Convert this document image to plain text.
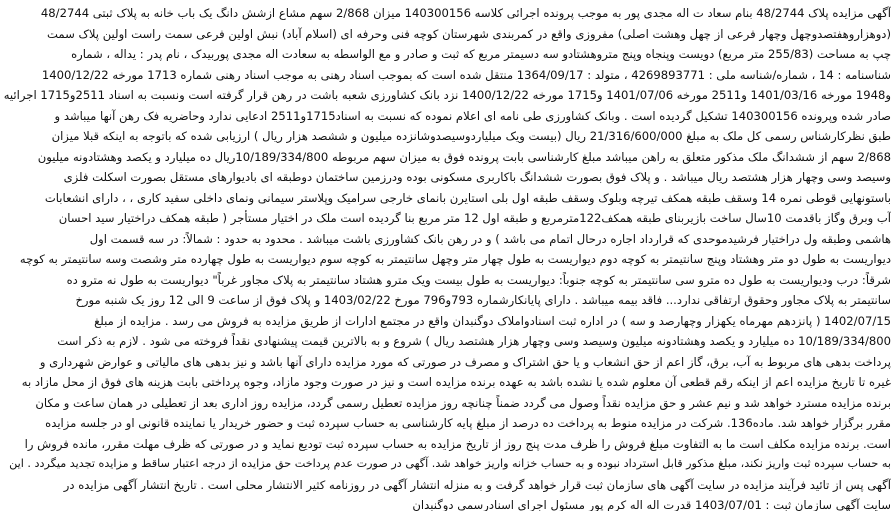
آگهی مزایده پلاک 48/2744 بنام سعاد ت اله مجدی پور به موجب پرونده اجرائی کلاسه 140300156 میزان 2/868 سهم مشاع ازشش دانگ یک باب خانه به پلاک ثبتی 48/2744
(دوهزاروهفتصدوچهل وچهار فرعی از چهل وهشت اصلی) مفروزی واقع در کمربندی شهرستان کوچه فنی وحرفه ای (اسلام آباد) نبش اولین فرعی سمت راست اولین پلاک سمت
چپ به مساحت (255/83 متر مربع) دویست وپنجاه وپنج متروهشتادو سه دسیمتر مربع که ثبت و صادر و مع الواسطه به سعادت اله مجدی پوربیدک ، نام پدر : یداله ، شماره
شناسنامه : 14 ، شماره/شناسه ملی : 4269893771 ، متولد : 1364/09/17 منتقل شده است که بموجب اسناد رهنی به موجب اسناد رهنی شماره 1713 مورخه 1400/12/22
و1948 مورخه 1401/03/16 و2511 مورخه 1401/07/06 و1715 مورخه 1400/12/22 نزد بانک کشاورزی شعبه باشت در رهن قرار گرفته است ونسبت به اسناد 2511و1715 اجرائیه
صادر شده وپرونده 140300156 تشکیل گردیده است . وبانک کشاورزی طی نامه ای اعلام نموده که نسبت به اسناد1715و2511 ادعایی ندارد وحاضریه فک رهن آنها میباشد و
طبق نظرکارشناس رسمی کل ملک به مبلغ 21/316/600/000 ریال (بیست ویک میلیاردوسیصدوشانزده میلیون و ششصد هزار ریال ) ارزیابی شده که باتوجه به اینکه قبلا میزان
2/868 سهم از ششدانگ ملک مذکور متعلق به راهن میباشد مبلغ کارشناسی بابت پرونده فوق به میزان سهم مربوطه 10/189/334/800ریال ده میلیارد و یکصد وهشتادونه میلیون
وسیصد وسی وچهار هزار هشتصد ریال میباشد . و پلاک فوق بصورت ششدانگ باکاربری مسکونی بوده ودرزمین ساختمان دوطبقه ای بادیوارهای مستقل بصورت اسکلت فلزی
باستونهایی قوطی نمره 14 وسقف طبقه همکف تیرچه وبلوک وسقف طبقه اول بلی استایرن بانمای خارجی سرامیک وپلاستر سیمانی ونمای داخلی سفید کاری ، ، دارای انشعابات
آب وبرق وگاز باقدمت 10سال ساخت بازیربنای طبقه همکف122مترمربع و طبقه اول 12 متر مربع بنا گردیده است ملک در اختیار مستأجر ( طبقه همکف دراختیار سید احسان
هاشمی وطبقه ول دراختیار فرشیدموحدی که قرارداد اجاره درحال اتمام می باشد ) و در رهن بانک کشاورزی باشت میباشد . محدود به حدود : شمالاً: در سه قسمت اول
دیواریست به طول دو متر وهشتاد وپنج سانتیمتر به کوچه دوم دیواریست به طول چهار متر وچهل سانتیمتر به کوچه سوم دیواریست به طول چهارده متر وشصت وسه سانتیمتر به کوچه
شرقاً: درب ودیواریست به طول ده مترو سی سانتیمتر به کوچه جنوباً: دیواریست به طول بیست ویک مترو هشتاد سانتیمتر به پلاک مجاور غرباً" دیواریست به طول نه مترو ده
سانتیمتر به پلاک مجاور وحقوق ارتفاقی ندارد... فاقد بیمه میباشد . دارای پایانکارشماره 793و796 مورخ 1403/02/22 و پلاک فوق از ساعت 9 الی 12 روز یک شنبه مورخ
1402/07/15 ( پانزدهم مهرماه یکهزار وچهارصد و سه ) در اداره ثبت اسنادواملاک دوگنبدان واقع در مجتمع ادارات از طریق مزایده به فروش می رسد . مزایده از مبلغ
10/189/334/800 ده میلیارد و یکصد وهشتادونه میلیون وسیصد وسی وچهار هزار هشتصد ریال ) شروع و به بالاترین قیمت پیشنهادی نقداً فروخته می شود . لازم به ذکر است
پرداخت بدهی های مربوط به آب، برق، گاز اعم از حق انشعاب و یا حق اشتراک و مصرف در صورتی که مورد مزایده دارای آنها باشد و نیز بدهی های مالیاتی و عوارض شهرداری و
غیره تا تاریخ مزایده اعم از اینکه رقم قطعی آن معلوم شده یا نشده باشد به عهده برنده مزایده است و نیز در صورت وجود مازاد، وجوه پرداختی بابت هزینه های فوق از محل مازاد به
برنده مزایده مسترد خواهد شد و نیم عشر و حق مزایده نقداً وصول می گردد ضمناً چنانچه روز مزایده تعطیل رسمی گردد، مزایده روز اداری بعد از تعطیلی در همان ساعت و مکان
مقرر برگزار خواهد شد. ماده136. شرکت در مزایده منوط به پرداخت ده درصد از مبلغ پایه کارشناسی به حساب سپرده ثبت و حضور خریدار یا نماینده قانونی او در جلسه مزایده
است. برنده مزایده مکلف است ما به التفاوت مبلغ فروش را ظرف مدت پنج روز از تاریخ مزایده به حساب سپرده ثبت تودیع نماید و در صورتی که ظرف مهلت مقرر، مانده فروش را
به حساب سپرده ثبت واریز نکند، مبلغ مذکور قابل استرداد نبوده و به حساب خزانه واریز خواهد شد. آگهی در صورت عدم پرداخت حق مزایده از درجه اعتبار ساقط و مزایده تجدید میگردد . این
آگهی پس از تائید فرآیند مزایده در سایت آگهی های سازمان ثبت قرار خواهد گرفت و به منزله انتشار آگهی در روزنامه کثیر الانتشار محلی است . تاریخ انتشار آگهی مزایده در
سایت آگهی سازمان ثبت : 1403/07/01 قدرت اله اله کرم پور مسئول اجرای اسنادرسمی دوگنبدان
